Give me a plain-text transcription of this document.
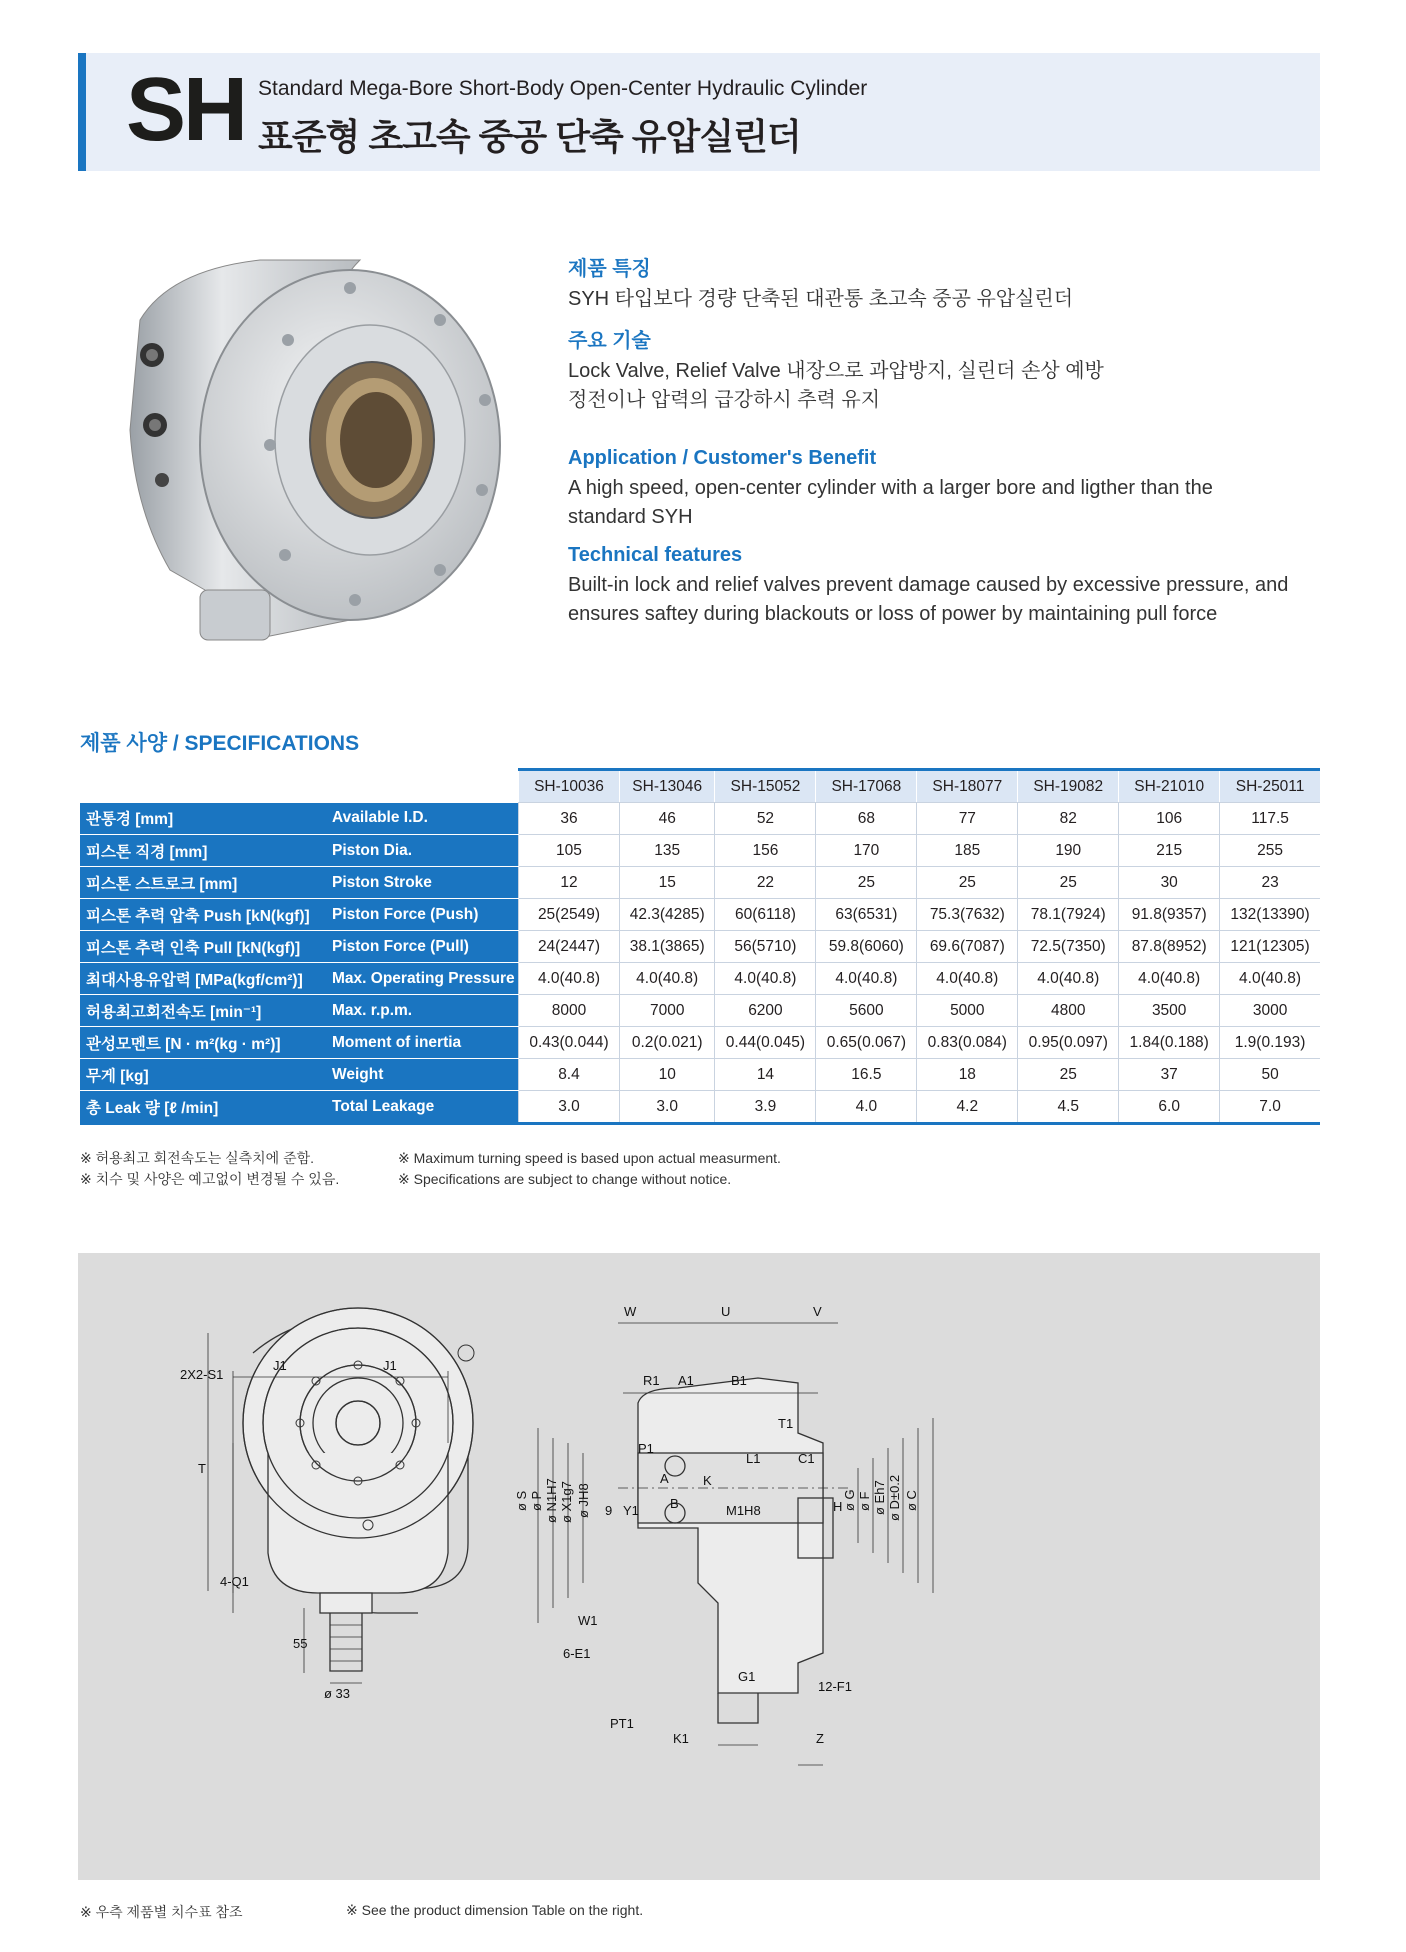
SH Standard Mega-Bore Short-Body Open-Center Hydraulic Cylinder
표준형 초고속 중공 단축 유압실린더
제품 특징
SYH 타입보다 경량 단축된 대관통 초고속 중공 유압실린더
주요 기술
Lock Valve, Relief Valve 내장으로 과압방지, 실린더 손상 예방
정전이나 압력의 급강하시 추력 유지
Application / Customer's Benefit
A high speed, open-center cylinder with a larger bore and ligther than the
standard SYH
Technical features
Built-in lock and relief valves prevent damage caused by excessive pressure, and
ensures saftey during blackouts or loss of power by maintaining pull force
제품 사양 / SPECIFICATIONS
		SH-10036	SH-13046	SH-15052	SH-17068	SH-18077	SH-19082	SH-21010	SH-25011
관통경 [mm]	Available I.D.	36	46	52	68	77	82	106	117.5
피스톤 직경 [mm]	Piston Dia.	105	135	156	170	185	190	215	255
피스톤 스트로크 [mm]	Piston Stroke	12	15	22	25	25	25	30	23
피스톤 추력 압축 Push [kN(kgf)]	Piston Force (Push)	25(2549)	42.3(4285)	60(6118)	63(6531)	75.3(7632)	78.1(7924)	91.8(9357)	132(13390)
피스톤 추력 인축 Pull [kN(kgf)]	Piston Force (Pull)	24(2447)	38.1(3865)	56(5710)	59.8(6060)	69.6(7087)	72.5(7350)	87.8(8952)	121(12305)
최대사용유압력 [MPa(kgf/cm²)]	Max. Operating Pressure	4.0(40.8)	4.0(40.8)	4.0(40.8)	4.0(40.8)	4.0(40.8)	4.0(40.8)	4.0(40.8)	4.0(40.8)
허용최고회전속도 [min⁻¹]	Max. r.p.m.	8000	7000	6200	5600	5000	4800	3500	3000
관성모멘트 [N · m²(kg · m²)]	Moment of inertia	0.43(0.044)	0.2(0.021)	0.44(0.045)	0.65(0.067)	0.83(0.084)	0.95(0.097)	1.84(0.188)	1.9(0.193)
무게 [kg]	Weight	8.4	10	14	16.5	18	25	37	50
총 Leak 량 [ℓ /min]	Total Leakage	3.0	3.0	3.9	4.0	4.2	4.5	6.0	7.0
※ 허용최고 회전속도는 실측치에 준함.
※ 치수 및 사양은 예고없이 변경될 수 있음.
※ Maximum turning speed is based upon actual measurment.
※ Specifications are subject to change without notice.
J1	J1
2X2-S1
T
4-Q1
55
ø 33
W	U	V
R1 A1	B1
T1
P1
L1	C1
A	K
B	M1H8
9 Y1	H
W1
6-E1
G1
12-F1
PT1
K1	Z
ø S ø P ø N1H7 ø X1g7 ø JH8	ø G ø F ø Eh7 ø D±0.2 ø C
※ 우측 제품별 치수표 참조	※ See the product dimension Table on the right.
